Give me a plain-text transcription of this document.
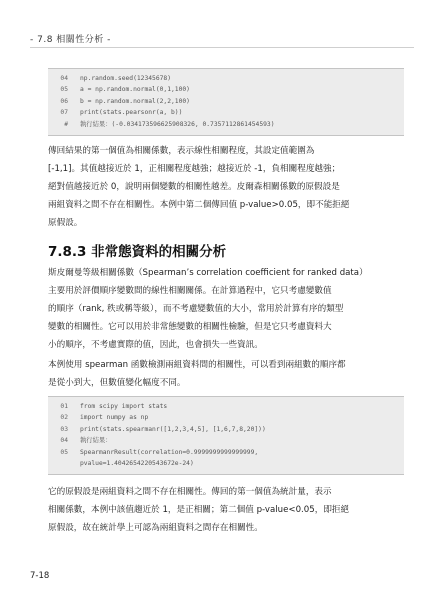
- 7.8 相關性分析 -
04	np.random.seed(12345678)
05	a = np.random.normal(0,1,100)
06	b = np.random.normal(2,2,100)
07	print(stats.pearsonr(a, b))
#	執行結果：(-0.034173596625908326, 0.7357112861454593)
傳回結果的第一個值為相關係數，表示線性相關程度，其設定值範圍為
[-1,1]。其值越接近於 1，正相關程度越強；越接近於 -1，負相關程度越強；
絕對值越接近於 0，說明兩個變數的相關性越差。皮爾森相關係數的原假設是
兩組資料之間不存在相關性。本例中第二個傳回值 p-value>0.05，即不能拒絕
原假設。
7.8.3 非常態資料的相關分析
斯皮爾曼等級相關係數（Spearman’s correlation coefficient for ranked data）
主要用於評價順序變數間的線性相關關係。在計算過程中，它只考慮變數值
的順序（rank, 秩或稱等級），而不考慮變數值的大小，常用於計算有序的類型
變數的相關性。它可以用於非常態變數的相關性檢驗，但是它只考慮資料大
小的順序，不考慮實際的值，因此，也會損失一些資訊。
本例使用 spearman 函數檢測兩組資料間的相關性，可以看到兩組數的順序都
是從小到大，但數值變化幅度不同。
01	from scipy import stats
02	import numpy as np
03	print(stats.spearmanr([1,2,3,4,5], [1,6,7,8,20]))
04	執行結果：
05	SpearmanrResult(correlation=0.9999999999999999,
pvalue=1.4042654220543672e-24)
它的原假設是兩組資料之間不存在相關性。傳回的第一個值為統計量，表示
相關係數，本例中該值趨近於 1，是正相關；第二個值 p-value<0.05，即拒絕
原假設，故在統計學上可認為兩組資料之間存在相關性。
7-18
